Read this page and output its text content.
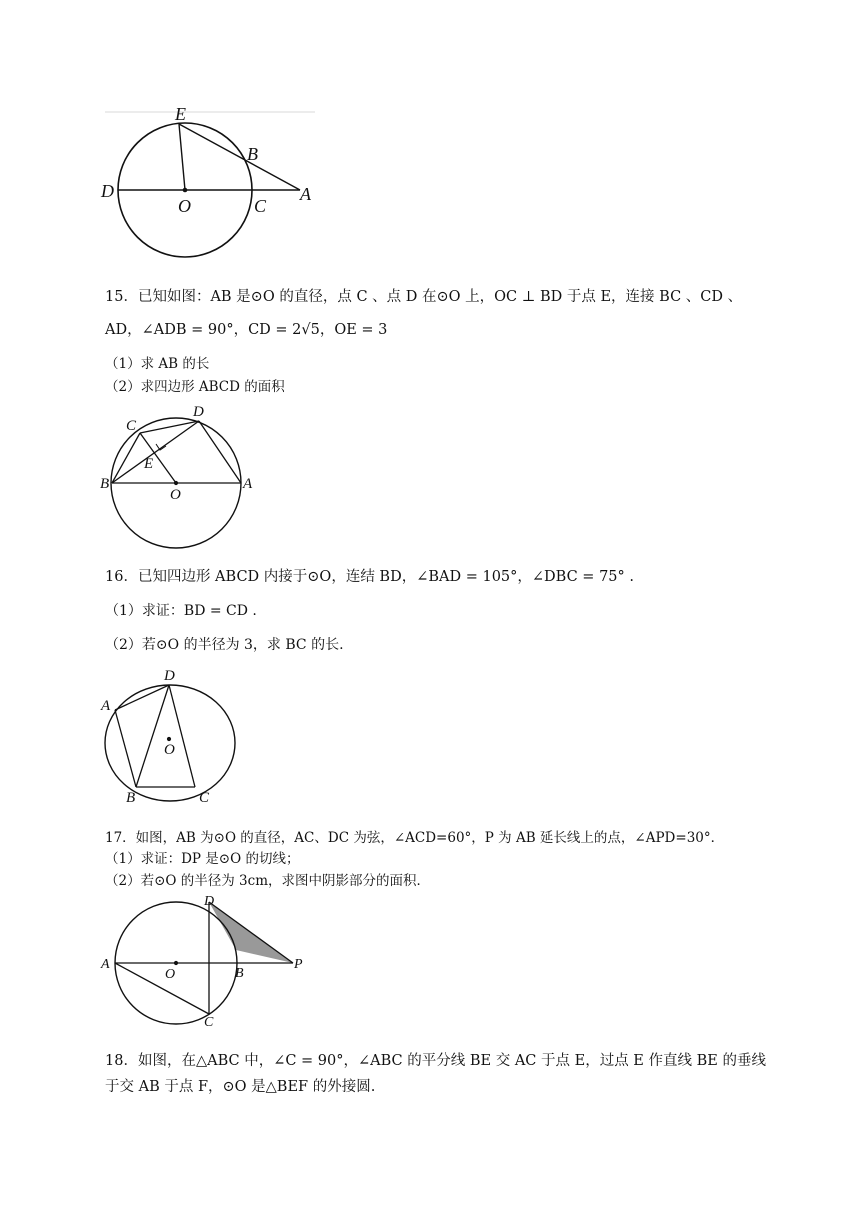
E
B
D
O	C
A
15．已知如图：AB 是⊙O 的直径，点 C 、点 D 在⊙O 上，OC ⊥ BD 于点 E，连接 BC 、CD 、
AD，∠ADB = 90°，CD = 2√5，OE = 3
（1）求 AB 的长
（2）求四边形 ABCD 的面积
C
D
E
B
O
A
16．已知四边形 ABCD 内接于⊙O，连结 BD，∠BAD = 105°，∠DBC = 75° .
（1）求证：BD = CD .
（2）若⊙O 的半径为 3，求 BC 的长.
D
A
O
B	C
17．如图，AB 为⊙O 的直径，AC、DC 为弦，∠ACD=60°，P 为 AB 延长线上的点，∠APD=30°．
（1）求证：DP 是⊙O 的切线；
（2）若⊙O 的半径为 3cm，求图中阴影部分的面积．
D
A
O	B
P
C
18．如图，在△ABC 中，∠C = 90°，∠ABC 的平分线 BE 交 AC 于点 E，过点 E 作直线 BE 的垂线
于交 AB 于点 F，⊙O 是△BEF 的外接圆.
